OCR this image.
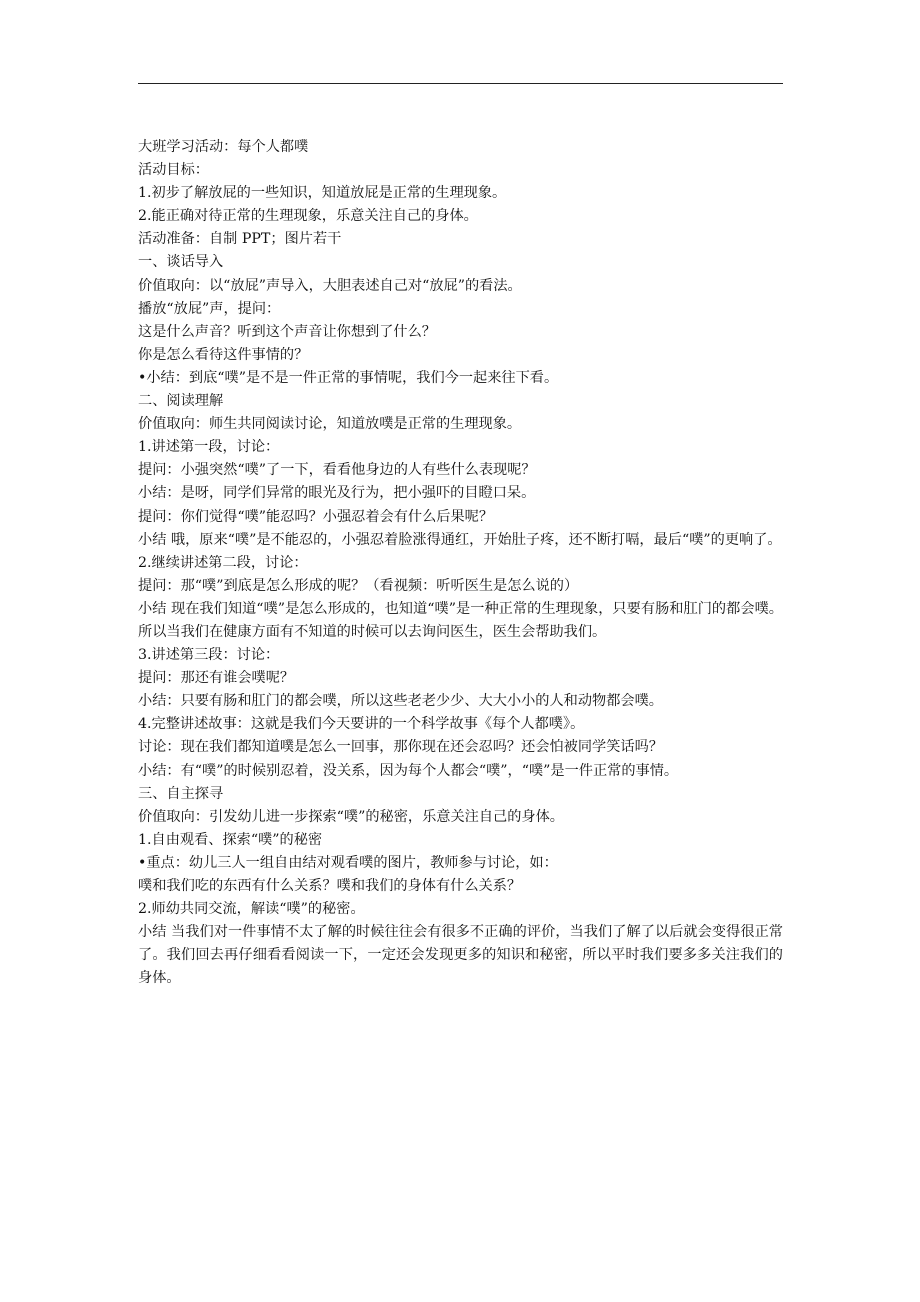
大班学习活动：每个人都噗
活动目标：
1.初步了解放屁的一些知识，知道放屁是正常的生理现象。
2.能正确对待正常的生理现象，乐意关注自己的身体。
活动准备：自制 PPT；图片若干
一、谈话导入
价值取向：以“放屁”声导入，大胆表述自己对“放屁”的看法。
播放“放屁”声，提问：
这是什么声音？听到这个声音让你想到了什么？
你是怎么看待这件事情的？
•小结：到底“噗”是不是一件正常的事情呢，我们今一起来往下看。
二、阅读理解
价值取向：师生共同阅读讨论，知道放噗是正常的生理现象。
1.讲述第一段，讨论：
提问：小强突然“噗”了一下，看看他身边的人有些什么表现呢？
小结：是呀，同学们异常的眼光及行为，把小强吓的目瞪口呆。
提问：你们觉得“噗”能忍吗？小强忍着会有什么后果呢？
小结 哦，原来“噗”是不能忍的，小强忍着脸涨得通红，开始肚子疼，还不断打嗝，最后“噗”的更响了。
2.继续讲述第二段，讨论：
提问：那“噗”到底是怎么形成的呢？（看视频：听听医生是怎么说的）
小结 现在我们知道“噗”是怎么形成的，也知道“噗”是一种正常的生理现象，只要有肠和肛门的都会噗。所以当我们在健康方面有不知道的时候可以去询问医生，医生会帮助我们。
3.讲述第三段：讨论：
提问：那还有谁会噗呢？
小结：只要有肠和肛门的都会噗，所以这些老老少少、大大小小的人和动物都会噗。
4.完整讲述故事：这就是我们今天要讲的一个科学故事《每个人都噗》。
讨论：现在我们都知道噗是怎么一回事，那你现在还会忍吗？还会怕被同学笑话吗？
小结：有“噗”的时候别忍着，没关系，因为每个人都会“噗”，“噗”是一件正常的事情。
三、自主探寻
价值取向：引发幼儿进一步探索“噗”的秘密，乐意关注自己的身体。
1.自由观看、探索“噗”的秘密
•重点：幼儿三人一组自由结对观看噗的图片，教师参与讨论，如：
噗和我们吃的东西有什么关系？噗和我们的身体有什么关系？
2.师幼共同交流，解读“噗”的秘密。
小结 当我们对一件事情不太了解的时候往往会有很多不正确的评价，当我们了解了以后就会变得很正常了。我们回去再仔细看看阅读一下，一定还会发现更多的知识和秘密，所以平时我们要多多关注我们的身体。
